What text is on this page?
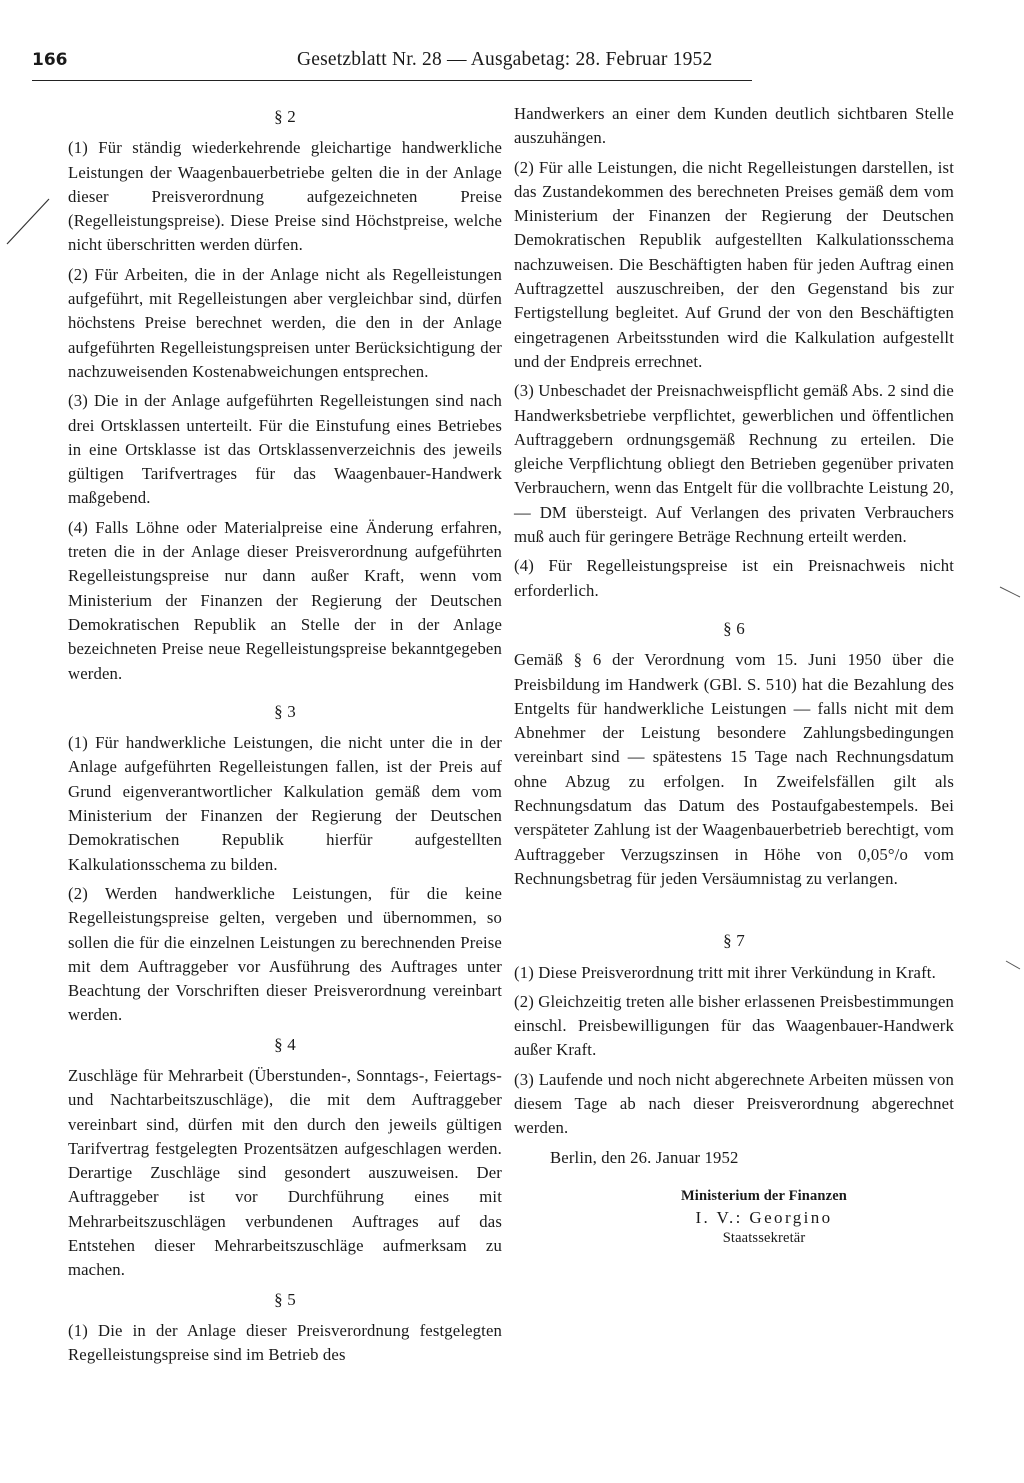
166	Gesetzblatt Nr. 28 — Ausgabetag: 28. Februar 1952
§ 2

(1) Für ständig wiederkehrende gleichartige handwerkliche Leistungen der Waagenbauerbetriebe gelten die in der Anlage dieser Preisverordnung aufgezeichneten Preise (Regelleistungspreise). Diese Preise sind Höchstpreise, welche nicht überschritten werden dürfen.

(2) Für Arbeiten, die in der Anlage nicht als Regelleistungen aufgeführt, mit Regelleistungen aber vergleichbar sind, dürfen höchstens Preise berechnet werden, die den in der Anlage aufgeführten Regelleistungspreisen unter Berücksichtigung der nachzuweisenden Kostenabweichungen entsprechen.

(3) Die in der Anlage aufgeführten Regelleistungen sind nach drei Ortsklassen unterteilt. Für die Einstufung eines Betriebes in eine Ortsklasse ist das Ortsklassenverzeichnis des jeweils gültigen Tarifvertrages für das Waagenbauer-Handwerk maßgebend.

(4) Falls Löhne oder Materialpreise eine Änderung erfahren, treten die in der Anlage dieser Preisverordnung aufgeführten Regelleistungspreise nur dann außer Kraft, wenn vom Ministerium der Finanzen der Regierung der Deutschen Demokratischen Republik an Stelle der in der Anlage bezeichneten Preise neue Regelleistungspreise bekanntgegeben werden.

§ 3

(1) Für handwerkliche Leistungen, die nicht unter die in der Anlage aufgeführten Regelleistungen fallen, ist der Preis auf Grund eigenverantwortlicher Kalkulation gemäß dem vom Ministerium der Finanzen der Regierung der Deutschen Demokratischen Republik hierfür aufgestellten Kalkulationsschema zu bilden.

(2) Werden handwerkliche Leistungen, für die keine Regelleistungspreise gelten, vergeben und übernommen, so sollen die für die einzelnen Leistungen zu berechnenden Preise mit dem Auftraggeber vor Ausführung des Auftrages unter Beachtung der Vorschriften dieser Preisverordnung vereinbart werden.

§ 4

Zuschläge für Mehrarbeit (Überstunden-, Sonntags-, Feiertags- und Nachtarbeitszuschläge), die mit dem Auftraggeber vereinbart sind, dürfen mit den durch den jeweils gültigen Tarifvertrag festgelegten Prozentsätzen aufgeschlagen werden. Derartige Zuschläge sind gesondert auszuweisen. Der Auftraggeber ist vor Durchführung eines mit Mehrarbeitszuschlägen verbundenen Auftrages auf das Entstehen dieser Mehrarbeitszuschläge aufmerksam zu machen.

§ 5

(1) Die in der Anlage dieser Preisverordnung festgelegten Regelleistungspreise sind im Betrieb des

Handwerkers an einer dem Kunden deutlich sichtbaren Stelle auszuhängen.

(2) Für alle Leistungen, die nicht Regelleistungen darstellen, ist das Zustandekommen des berechneten Preises gemäß dem vom Ministerium der Finanzen der Regierung der Deutschen Demokratischen Republik aufgestellten Kalkulationsschema nachzuweisen. Die Beschäftigten haben für jeden Auftrag einen Auftragzettel auszuschreiben, der den Gegenstand bis zur Fertigstellung begleitet. Auf Grund der von den Beschäftigten eingetragenen Arbeitsstunden wird die Kalkulation aufgestellt und der Endpreis errechnet.

(3) Unbeschadet der Preisnachweispflicht gemäß Abs. 2 sind die Handwerksbetriebe verpflichtet, gewerblichen und öffentlichen Auftraggebern ordnungsgemäß Rechnung zu erteilen. Die gleiche Verpflichtung obliegt den Betrieben gegenüber privaten Verbrauchern, wenn das Entgelt für die vollbrachte Leistung 20,— DM übersteigt. Auf Verlangen des privaten Verbrauchers muß auch für geringere Beträge Rechnung erteilt werden.

(4) Für Regelleistungspreise ist ein Preisnachweis nicht erforderlich.

§ 6

Gemäß § 6 der Verordnung vom 15. Juni 1950 über die Preisbildung im Handwerk (GBl. S. 510) hat die Bezahlung des Entgelts für handwerkliche Leistungen — falls nicht mit dem Abnehmer der Leistung besondere Zahlungsbedingungen vereinbart sind — spätestens 15 Tage nach Rechnungsdatum ohne Abzug zu erfolgen. In Zweifelsfällen gilt als Rechnungsdatum das Datum des Postaufgabestempels. Bei verspäteter Zahlung ist der Waagenbauerbetrieb berechtigt, vom Auftraggeber Verzugszinsen in Höhe von 0,05°/o vom Rechnungsbetrag für jeden Versäumnistag zu verlangen.

§ 7

(1) Diese Preisverordnung tritt mit ihrer Verkündung in Kraft.

(2) Gleichzeitig treten alle bisher erlassenen Preisbestimmungen einschl. Preisbewilligungen für das Waagenbauer-Handwerk außer Kraft.

(3) Laufende und noch nicht abgerechnete Arbeiten müssen von diesem Tage ab nach dieser Preisverordnung abgerechnet werden.

Berlin, den 26. Januar 1952

Ministerium der Finanzen
I. V.: Georgino
Staatssekretär
